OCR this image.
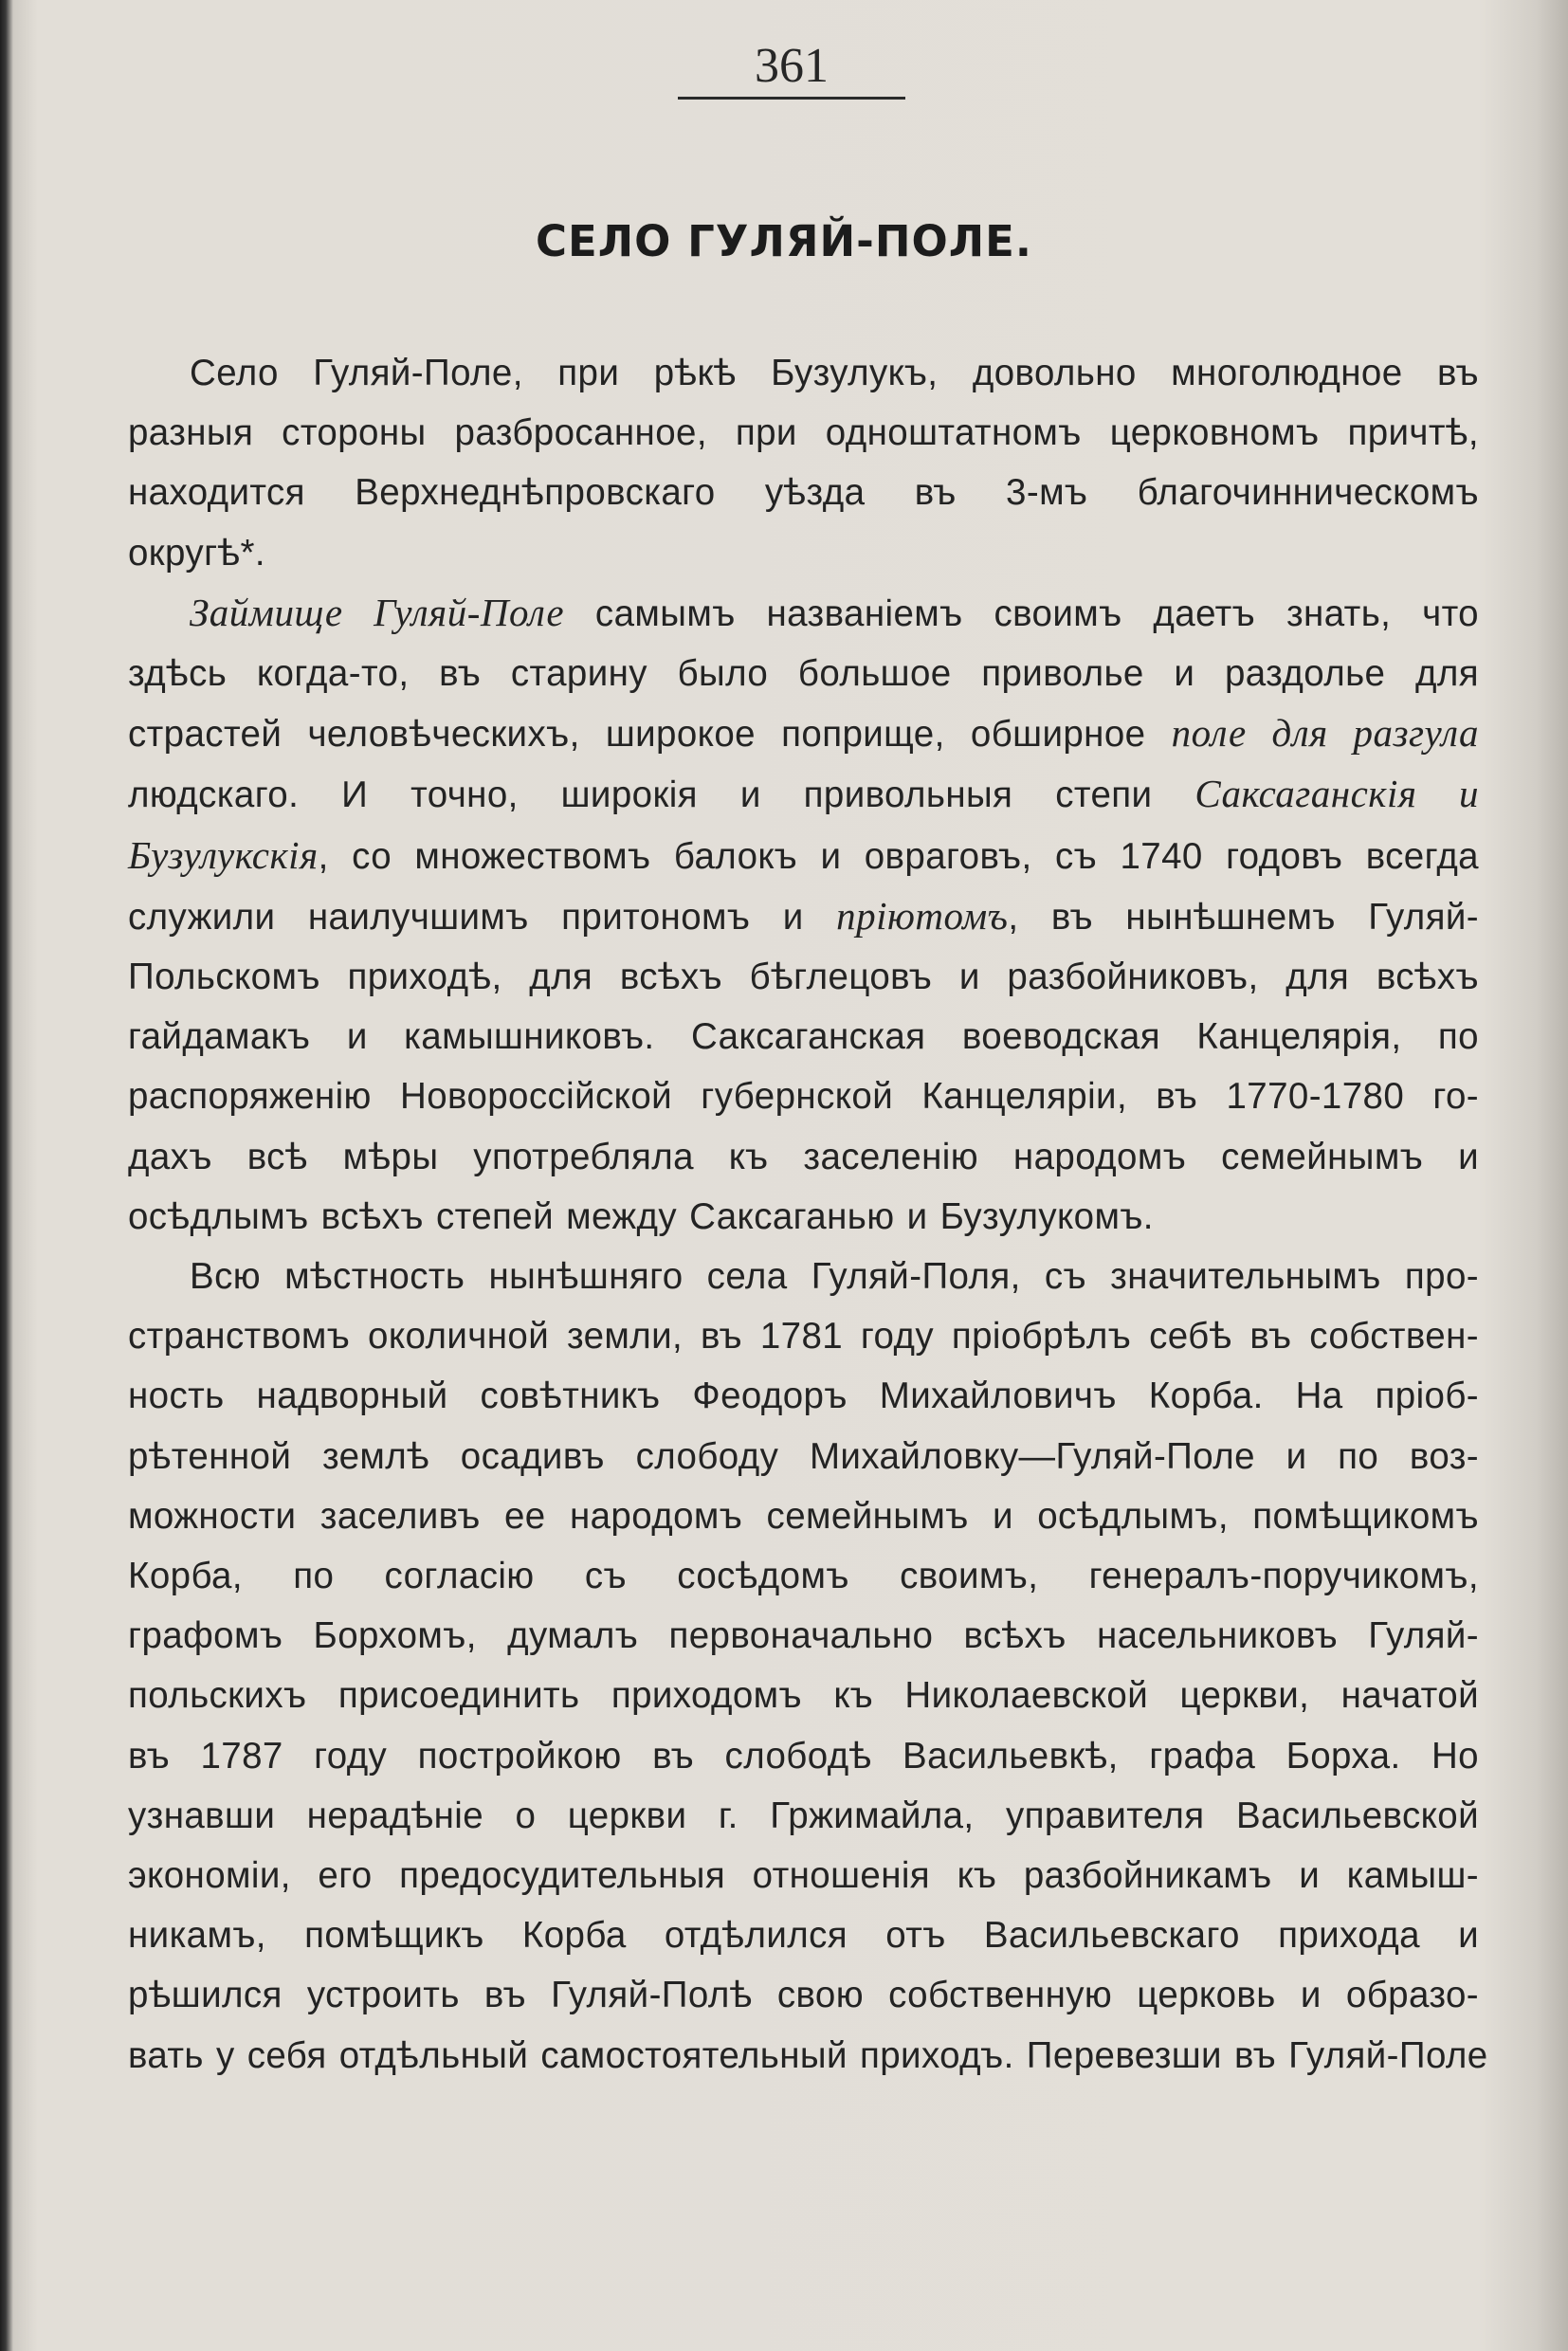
361
СЕЛО ГУЛЯЙ-ПОЛЕ.

Село Гуляй-Поле, при рѣкѣ Бузулукъ, довольно многолюдное въ
разныя стороны разбросанное, при одноштатномъ церковномъ причтѣ,
находится Верхнеднѣпровскаго уѣзда въ 3-мъ благочинническомъ
округѣ*.

Займище Гуляй-Поле самымъ названіемъ своимъ даетъ знать, что
здѣсь когда-то, въ старину было большое приволье и раздолье для
страстей человѣческихъ, широкое поприще, обширное поле для разгула
людскаго. И точно, широкія и привольныя степи Саксаганскія и
Бузулукскія, со множествомъ балокъ и овраговъ, съ 1740 годовъ всегда
служили наилучшимъ притономъ и пріютомъ, въ нынѣшнемъ Гуляй-
Польскомъ приходѣ, для всѣхъ бѣглецовъ и разбойниковъ, для всѣхъ
гайдамакъ и камышниковъ. Саксаганская воеводская Канцелярія, по
распоряженію Новороссійской губернской Канцеляріи, въ 1770-1780 го-
дахъ всѣ мѣры употребляла къ заселенію народомъ семейнымъ и
осѣдлымъ всѣхъ степей между Саксаганью и Бузулукомъ.

Всю мѣстность нынѣшняго села Гуляй-Поля, съ значительнымъ про-
странствомъ околичной земли, въ 1781 году пріобрѣлъ себѣ въ собствен-
ность надворный совѣтникъ Феодоръ Михайловичъ Корба. На пріоб-
рѣтенной землѣ осадивъ слободу Михайловку—Гуляй-Поле и по воз-
можности заселивъ ее народомъ семейнымъ и осѣдлымъ, помѣщикомъ
Корба, по согласію съ сосѣдомъ своимъ, генералъ-поручикомъ,
графомъ Борхомъ, думалъ первоначально всѣхъ насельниковъ Гуляй-
польскихъ присоединить приходомъ къ Николаевской церкви, начатой
въ 1787 году постройкою въ слободѣ Васильевкѣ, графа Борха. Но
узнавши нерадѣніе о церкви г. Гржимайла, управителя Васильевской
экономіи, его предосудительныя отношенія къ разбойникамъ и камыш-
никамъ, помѣщикъ Корба отдѣлился отъ Васильевскаго прихода и
рѣшился устроить въ Гуляй-Полѣ свою собственную церковь и образо-
вать у себя отдѣльный самостоятельный приходъ. Перевезши въ Гуляй-Поле
